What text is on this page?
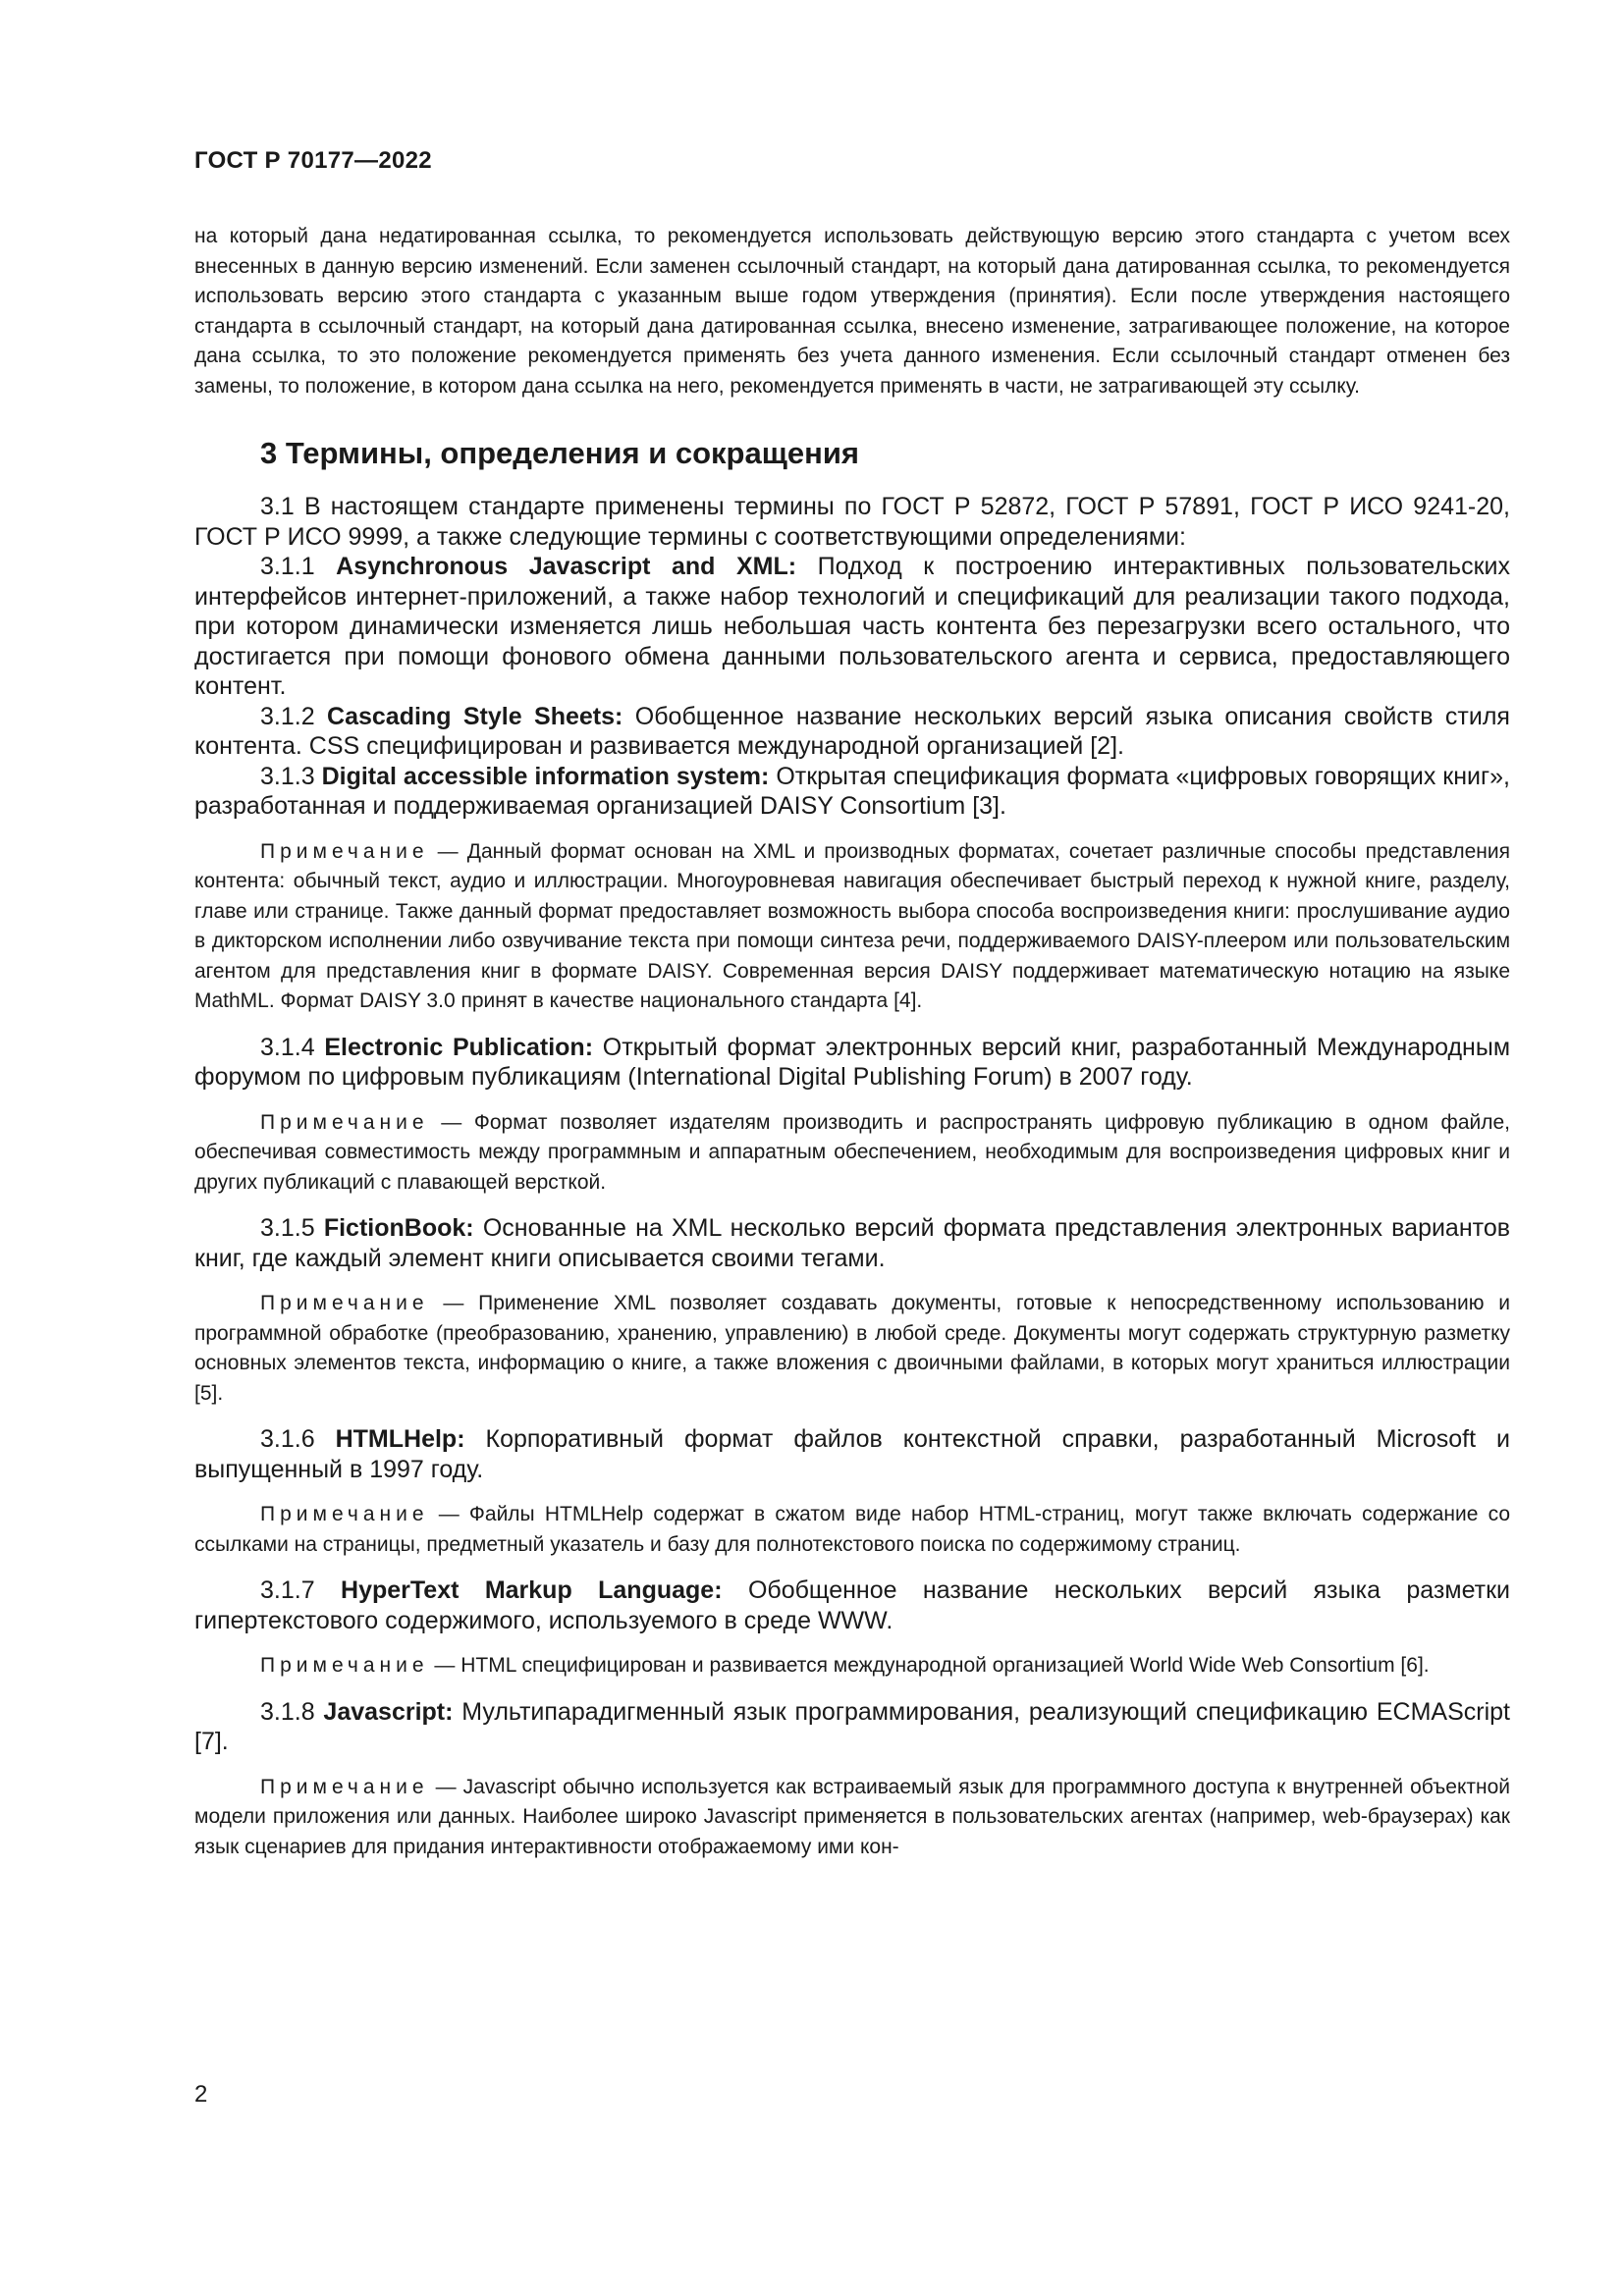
ГОСТ Р 70177—2022

на который дана недатированная ссылка, то рекомендуется использовать действующую версию этого стандарта с учетом всех внесенных в данную версию изменений. Если заменен ссылочный стандарт, на который дана датированная ссылка, то рекомендуется использовать версию этого стандарта с указанным выше годом утверждения (принятия). Если после утверждения настоящего стандарта в ссылочный стандарт, на который дана датированная ссылка, внесено изменение, затрагивающее положение, на которое дана ссылка, то это положение рекомендуется применять без учета данного изменения. Если ссылочный стандарт отменен без замены, то положение, в котором дана ссылка на него, рекомендуется применять в части, не затрагивающей эту ссылку.

3 Термины, определения и сокращения

3.1 В настоящем стандарте применены термины по ГОСТ Р 52872, ГОСТ Р 57891, ГОСТ Р ИСО 9241-20, ГОСТ Р ИСО 9999, а также следующие термины с соответствующими определениями:

3.1.1 Asynchronous Javascript and XML: Подход к построению интерактивных пользовательских интерфейсов интернет-приложений, а также набор технологий и спецификаций для реализации такого подхода, при котором динамически изменяется лишь небольшая часть контента без перезагрузки всего остального, что достигается при помощи фонового обмена данными пользовательского агента и сервиса, предоставляющего контент.

3.1.2 Cascading Style Sheets: Обобщенное название нескольких версий языка описания свойств стиля контента. CSS специфицирован и развивается международной организацией [2].

3.1.3 Digital accessible information system: Открытая спецификация формата «цифровых говорящих книг», разработанная и поддерживаемая организацией DAISY Consortium [3].

Примечание — Данный формат основан на XML и производных форматах, сочетает различные способы представления контента: обычный текст, аудио и иллюстрации. Многоуровневая навигация обеспечивает быстрый переход к нужной книге, разделу, главе или странице. Также данный формат предоставляет возможность выбора способа воспроизведения книги: прослушивание аудио в дикторском исполнении либо озвучивание текста при помощи синтеза речи, поддерживаемого DAISY-плеером или пользовательским агентом для представления книг в формате DAISY. Современная версия DAISY поддерживает математическую нотацию на языке MathML. Формат DAISY 3.0 принят в качестве национального стандарта [4].

3.1.4 Electronic Publication: Открытый формат электронных версий книг, разработанный Международным форумом по цифровым публикациям (International Digital Publishing Forum) в 2007 году.

Примечание — Формат позволяет издателям производить и распространять цифровую публикацию в одном файле, обеспечивая совместимость между программным и аппаратным обеспечением, необходимым для воспроизведения цифровых книг и других публикаций с плавающей версткой.

3.1.5 FictionBook: Основанные на XML несколько версий формата представления электронных вариантов книг, где каждый элемент книги описывается своими тегами.

Примечание — Применение XML позволяет создавать документы, готовые к непосредственному использованию и программной обработке (преобразованию, хранению, управлению) в любой среде. Документы могут содержать структурную разметку основных элементов текста, информацию о книге, а также вложения с двоичными файлами, в которых могут храниться иллюстрации [5].

3.1.6 HTMLHelp: Корпоративный формат файлов контекстной справки, разработанный Microsoft и выпущенный в 1997 году.

Примечание — Файлы HTMLHelp содержат в сжатом виде набор HTML-страниц, могут также включать содержание со ссылками на страницы, предметный указатель и базу для полнотекстового поиска по содержимому страниц.

3.1.7 HyperText Markup Language: Обобщенное название нескольких версий языка разметки гипертекстового содержимого, используемого в среде WWW.

Примечание — HTML специфицирован и развивается международной организацией World Wide Web Consortium [6].

3.1.8 Javascript: Мультипарадигменный язык программирования, реализующий спецификацию ECMAScript [7].

Примечание — Javascript обычно используется как встраиваемый язык для программного доступа к внутренней объектной модели приложения или данных. Наиболее широко Javascript применяется в пользовательских агентах (например, web-браузерах) как язык сценариев для придания интерактивности отображаемому ими кон-

2
